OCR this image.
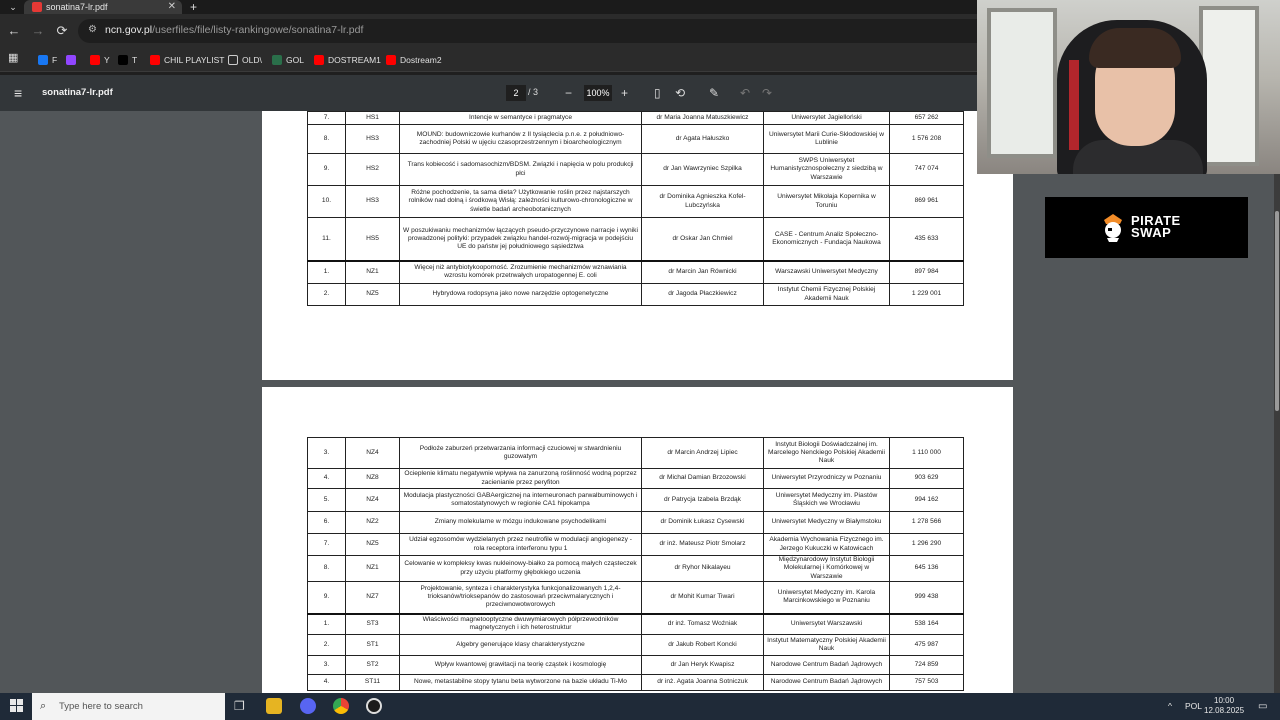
⌄	sonatina7-lr.pdf	✕ +
← → ⟳ ⚙ ncn.gov.pl/userfiles/file/listy-rankingowe/sonatina7-lr.pdf
▦	F	Y	T	CHIL PLAYLIST	OLD\	GOL	DOSTREAM1	Dostream2
≡ sonatina7-lr.pdf	2	/ 3 − 100% + ▯ ⟲ ✎ ↶ ↷
7.	HS1	Intencje w semantyce i pragmatyce	dr Maria Joanna Matuszkiewicz	Uniwersytet Jagielloński	657 262
8.	HS3	MOUND: budowniczowie kurhanów z II tysiąclecia p.n.e. z południowo-zachodniej Polski w ujęciu czasoprzestrzennym i bioarcheologicznym	dr Agata Hałuszko	Uniwersytet Marii Curie-Skłodowskiej w Lublinie	1 576 208
9.	HS2	Trans kobiecość i sadomasochizm/BDSM. Związki i napięcia w polu produkcji płci	dr Jan Wawrzyniec Szpilka	SWPS Uniwersytet Humanistycznospołeczny z siedzibą w Warszawie	747 074
10.	HS3	Różne pochodzenie, ta sama dieta? Użytkowanie roślin przez najstarszych rolników nad dolną i środkową Wisłą: zależności kulturowo-chronologiczne w świetle badań archeobotanicznych	dr Dominika Agnieszka Kofel-Lubczyńska	Uniwersytet Mikołaja Kopernika w Toruniu	869 961
11.	HS5	W poszukiwaniu mechanizmów łączących pseudo-przyczynowe narracje i wyniki prowadzonej polityki: przypadek związku handel-rozwój-migracja w podejściu UE do państw jej południowego sąsiedztwa	dr Oskar Jan Chmiel	CASE - Centrum Analiz Społeczno-Ekonomicznych - Fundacja Naukowa	435 633
1.	NZ1	Więcej niż antybiotykooporność. Zrozumienie mechanizmów wznawiania wzrostu komórek przetrwałych uropatogennej E. coli	dr Marcin Jan Równicki	Warszawski Uniwersytet Medyczny	897 984
2.	NZ5	Hybrydowa rodopsyna jako nowe narzędzie optogenetyczne	dr Jagoda Płaczkiewicz	Instytut Chemii Fizycznej Polskiej Akademii Nauk	1 229 001
3.	NZ4	Podłoże zaburzeń przetwarzania informacji czuciowej w stwardnieniu guzowatym	dr Marcin Andrzej Lipiec	Instytut Biologii Doświadczalnej im. Marcelego Nenckiego Polskiej Akademii Nauk	1 110 000
4.	NZ8	Ocieplenie klimatu negatywnie wpływa na zanurzoną roślinność wodną poprzez zacienianie przez peryfiton	dr Michał Damian Brzozowski	Uniwersytet Przyrodniczy w Poznaniu	903 629
5.	NZ4	Modulacja plastyczności GABAergicznej na interneuronach parwalbuminowych i somatostatynowych w regionie CA1 hipokampa	dr Patrycja Izabela Brzdąk	Uniwersytet Medyczny im. Piastów Śląskich we Wrocławiu	994 162
6.	NZ2	Zmiany molekularne w mózgu indukowane psychodelikami	dr Dominik Łukasz Cysewski	Uniwersytet Medyczny w Białymstoku	1 278 566
7.	NZ5	Udział egzosomów wydzielanych przez neutrofile w modulacji angiogenezy - rola receptora interferonu typu 1	dr inż. Mateusz Piotr Smolarz	Akademia Wychowania Fizycznego im. Jerzego Kukuczki w Katowicach	1 296 290
8.	NZ1	Celowanie w kompleksy kwas nukleinowy-białko za pomocą małych cząsteczek przy użyciu platformy głębokiego uczenia	dr Ryhor Nikalayeu	Międzynarodowy Instytut Biologii Molekularnej i Komórkowej w Warszawie	645 136
9.	NZ7	Projektowanie, synteza i charakterystyka funkcjonalizowanych 1,2,4-trioksanów/trioksepanów do zastosowań przeciwmalarycznych i przeciwnowotworowych	dr Mohit Kumar Tiwari	Uniwersytet Medyczny im. Karola Marcinkowskiego w Poznaniu	999 438
1.	ST3	Właściwości magnetooptyczne dwuwymiarowych półprzewodników magnetycznych i ich heterostruktur	dr inż. Tomasz Woźniak	Uniwersytet Warszawski	538 164
2.	ST1	Algebry generujące klasy charakterystyczne	dr Jakub Robert Koncki	Instytut Matematyczny Polskiej Akademii Nauk	475 987
3.	ST2	Wpływ kwantowej grawitacji na teorię cząstek i kosmologię	dr Jan Heryk Kwapisz	Narodowe Centrum Badań Jądrowych	724 859
4.	ST11	Nowe, metastabilne stopy tytanu beta wytworzone na bazie układu Ti-Mo	dr inż. Agata Joanna Sotniczuk	Narodowe Centrum Badań Jądrowych	757 503
PIRATE
SWAP
⌕ Type here to search	❐	^ POL
10:00
12.08.2025 ▭
